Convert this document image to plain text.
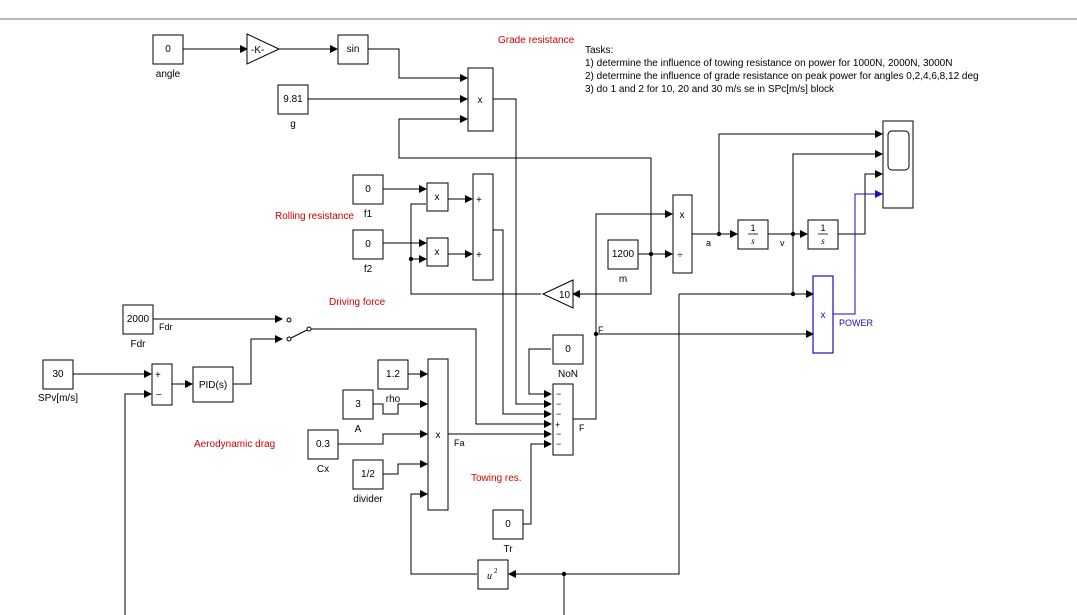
0
angle
-K-	sin
9.81
g
x
0
f1
0
f2
x
x
+
+
2000
Fdr
Fdr
30
SPv[m/s]
+
−
PID(s)
1.2
rho
3
A
0.3
Cx	1/2
divider
x
Fa
0
NoN
0
Tr
−
−
−
+
−
−
F
F
10
1200
m
x
÷
a
1
s	v
1
s
x
POWER
u 2
Grade resistance
Rolling resistance
Driving force
Aerodynamic drag
Towing res.
Tasks:
1) determine the influence of towing resistance on power for 1000N, 2000N, 3000N
2) determine the influence of grade resistance on peak power for angles 0,2,4,6,8,12 deg
3) do 1 and 2 for 10, 20 and 30 m/s se in SPc[m/s] block
